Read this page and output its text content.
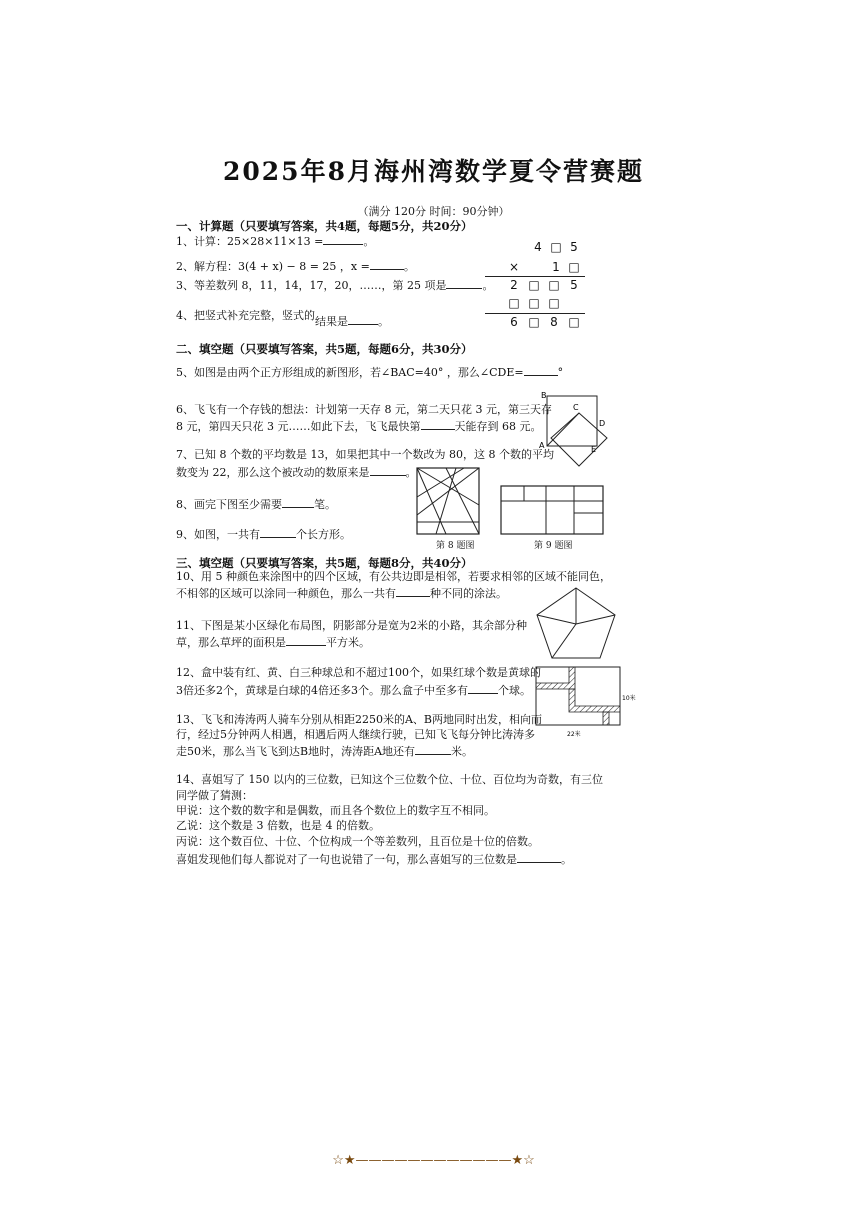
2025年8月海州湾数学夏令营赛题
（满分 120分 时间：90分钟）
一、计算题（只要填写答案，共4题，每题5分，共20分）
1、计算：25×28×11×13 =	。
2、解方程：3(4 + x) − 8 = 25 ，x =	。
3、等差数列 8，11，14，17，20，……，第 25 项是	。
4、把竖式补充完整，竖式的结果是	。
4 □ 5
×	1 □
2 □ □ 5
□ □ □
6 □ 8 □
二、填空题（只要填写答案，共5题，每题6分，共30分）
5、如图是由两个正方形组成的新图形，若∠BAC=40° ，那么∠CDE=	°
6、飞飞有一个存钱的想法：计划第一天存 8 元，第二天只花 3 元，第三天存
8 元，第四天只花 3 元……如此下去，飞飞最快第	天能存到 68 元。
7、已知 8 个数的平均数是 13，如果把其中一个数改为 80，这 8 个数的平均
数变为 22，那么这个被改动的数原来是	。
8、画完下图至少需要	笔。
9、如图，一共有	个长方形。
B
C
D
A	E
第 8 题图	第 9 题图
三、填空题（只要填写答案，共5题，每题8分，共40分）
10、用 5 种颜色来涂图中的四个区域，有公共边即是相邻，若要求相邻的区域不能同色，
不相邻的区域可以涂同一种颜色，那么一共有	种不同的涂法。
11、下图是某小区绿化布局图，阴影部分是宽为2米的小路，其余部分种
草，那么草坪的面积是	平方米。
12、盒中装有红、黄、白三种球总和不超过100个，如果红球个数是黄球的
3倍还多2个，黄球是白球的4倍还多3个。那么盒子中至多有	个球。
13、飞飞和涛涛两人骑车分别从相距2250米的A、B两地同时出发，相向而
行，经过5分钟两人相遇，相遇后两人继续行驶，已知飞飞每分钟比涛涛多
走50米，那么当飞飞到达B地时，涛涛距A地还有	米。
10米
22米
14、喜姐写了 150 以内的三位数，已知这个三位数个位、十位、百位均为奇数，有三位
同学做了猜测：
甲说：这个数的数字和是偶数，而且各个数位上的数字互不相同。
乙说：这个数是 3 倍数，也是 4 的倍数。
丙说：这个数百位、十位、个位构成一个等差数列，且百位是十位的倍数。
喜姐发现他们每人都说对了一句也说错了一句，那么喜姐写的三位数是	。
☆★————————————★☆
